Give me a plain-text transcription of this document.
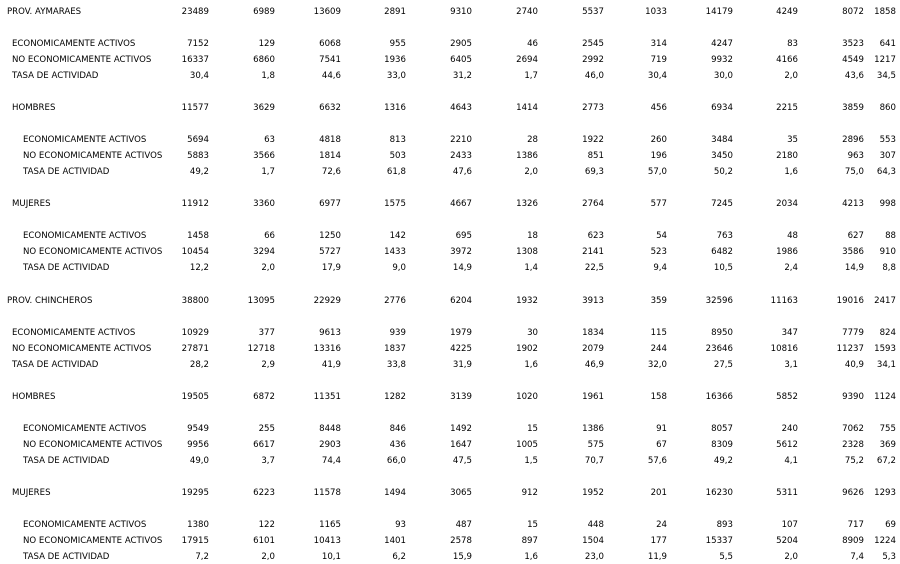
PROV. AYMARAES	23489	6989	13609	2891	9310	2740	5537	1033	14179	4249	8072	1858
ECONOMICAMENTE ACTIVOS	7152	129	6068	955	2905	46	2545	314	4247	83	3523	641
NO ECONOMICAMENTE ACTIVOS	16337	6860	7541	1936	6405	2694	2992	719	9932	4166	4549	1217
TASA DE ACTIVIDAD	30,4	1,8	44,6	33,0	31,2	1,7	46,0	30,4	30,0	2,0	43,6	34,5
HOMBRES	11577	3629	6632	1316	4643	1414	2773	456	6934	2215	3859	860
ECONOMICAMENTE ACTIVOS	5694	63	4818	813	2210	28	1922	260	3484	35	2896	553
NO ECONOMICAMENTE ACTIVOS	5883	3566	1814	503	2433	1386	851	196	3450	2180	963	307
TASA DE ACTIVIDAD	49,2	1,7	72,6	61,8	47,6	2,0	69,3	57,0	50,2	1,6	75,0	64,3
MUJERES	11912	3360	6977	1575	4667	1326	2764	577	7245	2034	4213	998
ECONOMICAMENTE ACTIVOS	1458	66	1250	142	695	18	623	54	763	48	627	88
NO ECONOMICAMENTE ACTIVOS	10454	3294	5727	1433	3972	1308	2141	523	6482	1986	3586	910
TASA DE ACTIVIDAD	12,2	2,0	17,9	9,0	14,9	1,4	22,5	9,4	10,5	2,4	14,9	8,8
PROV. CHINCHEROS	38800	13095	22929	2776	6204	1932	3913	359	32596	11163	19016	2417
ECONOMICAMENTE ACTIVOS	10929	377	9613	939	1979	30	1834	115	8950	347	7779	824
NO ECONOMICAMENTE ACTIVOS	27871	12718	13316	1837	4225	1902	2079	244	23646	10816	11237	1593
TASA DE ACTIVIDAD	28,2	2,9	41,9	33,8	31,9	1,6	46,9	32,0	27,5	3,1	40,9	34,1
HOMBRES	19505	6872	11351	1282	3139	1020	1961	158	16366	5852	9390	1124
ECONOMICAMENTE ACTIVOS	9549	255	8448	846	1492	15	1386	91	8057	240	7062	755
NO ECONOMICAMENTE ACTIVOS	9956	6617	2903	436	1647	1005	575	67	8309	5612	2328	369
TASA DE ACTIVIDAD	49,0	3,7	74,4	66,0	47,5	1,5	70,7	57,6	49,2	4,1	75,2	67,2
MUJERES	19295	6223	11578	1494	3065	912	1952	201	16230	5311	9626	1293
ECONOMICAMENTE ACTIVOS	1380	122	1165	93	487	15	448	24	893	107	717	69
NO ECONOMICAMENTE ACTIVOS	17915	6101	10413	1401	2578	897	1504	177	15337	5204	8909	1224
TASA DE ACTIVIDAD	7,2	2,0	10,1	6,2	15,9	1,6	23,0	11,9	5,5	2,0	7,4	5,3
